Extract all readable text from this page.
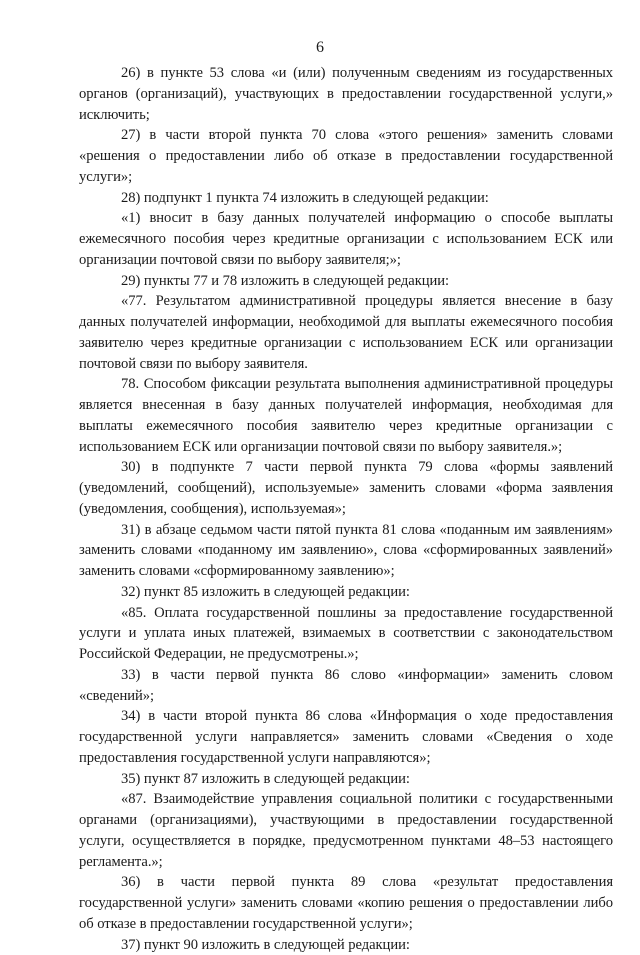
6

26) в пункте 53 слова «и (или) полученным сведениям из государственных органов (организаций), участвующих в предоставлении государственной услуги,» исключить;

27) в части второй пункта 70 слова «этого решения» заменить словами «решения о предоставлении либо об отказе в предоставлении государственной услуги»;

28) подпункт 1 пункта 74 изложить в следующей редакции:

«1) вносит в базу данных получателей информацию о способе выплаты ежемесячного пособия через кредитные организации с использованием ЕСК или организации почтовой связи по выбору заявителя;»;

29) пункты 77 и 78 изложить в следующей редакции:

«77. Результатом административной процедуры является внесение в базу данных получателей информации, необходимой для выплаты ежемесячного пособия заявителю через кредитные организации с использованием ЕСК или организации почтовой связи по выбору заявителя.

78. Способом фиксации результата выполнения административной процедуры является внесенная в базу данных получателей информация, необходимая для выплаты ежемесячного пособия заявителю через кредитные организации с использованием ЕСК или организации почтовой связи по выбору заявителя.»;

30) в подпункте 7 части первой пункта 79 слова «формы заявлений (уведомлений, сообщений), используемые» заменить словами «форма заявления (уведомления, сообщения), используемая»;

31) в абзаце седьмом части пятой пункта 81 слова «поданным им заявлениям» заменить словами «поданному им заявлению», слова «сформированных заявлений» заменить словами «сформированному заявлению»;

32) пункт 85 изложить в следующей редакции:

«85. Оплата государственной пошлины за предоставление государственной услуги и уплата иных платежей, взимаемых в соответствии с законодательством Российской Федерации, не предусмотрены.»;

33) в части первой пункта 86 слово «информации» заменить словом «сведений»;

34) в части второй пункта 86 слова «Информация о ходе предоставления государственной услуги направляется» заменить словами «Сведения о ходе предоставления государственной услуги направляются»;

35) пункт 87 изложить в следующей редакции:

«87. Взаимодействие управления социальной политики с государственными органами (организациями), участвующими в предоставлении государственной услуги, осуществляется в порядке, предусмотренном пунктами 48–53 настоящего регламента.»;

36) в части первой пункта 89 слова «результат предоставления государственной услуги» заменить словами «копию решения о предоставлении либо об отказе в предоставлении государственной услуги»;

37) пункт 90 изложить в следующей редакции:
